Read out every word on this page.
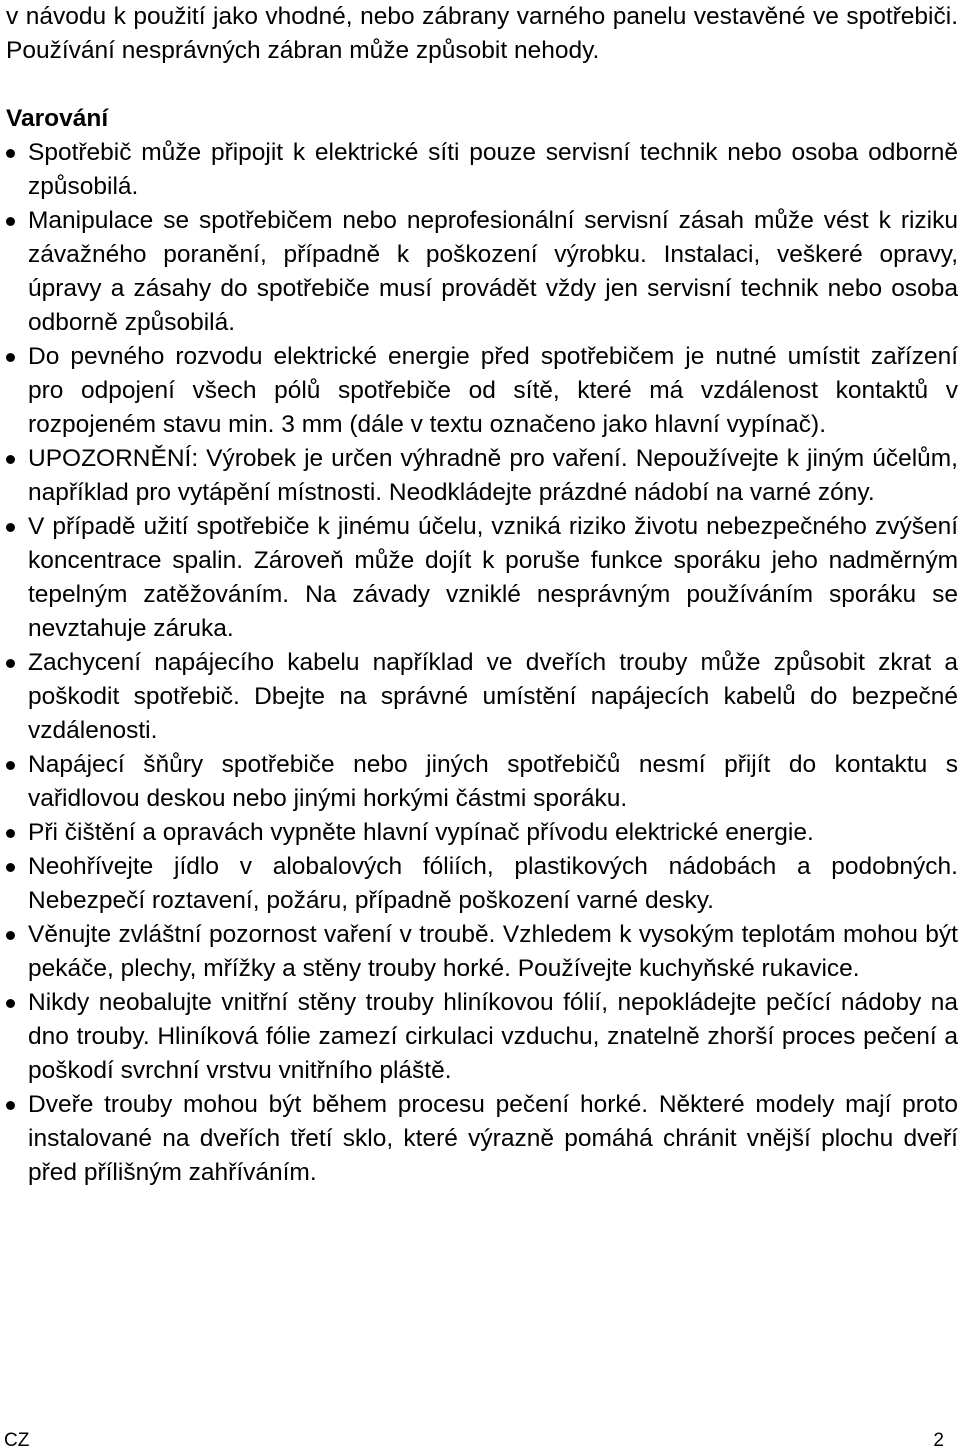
v návodu k použití jako vhodné, nebo zábrany varného panelu vestavěné ve spotřebiči. Používání nesprávných zábran může způsobit nehody.

Varování
Spotřebič může připojit k elektrické síti pouze servisní technik nebo osoba odborně způsobilá.
Manipulace se spotřebičem nebo neprofesionální servisní zásah může vést k riziku závažného poranění, případně k poškození výrobku. Instalaci, veškeré opravy, úpravy a zásahy do spotřebiče musí provádět vždy jen servisní technik nebo osoba odborně způsobilá.
Do pevného rozvodu elektrické energie před spotřebičem je nutné umístit zařízení pro odpojení všech pólů spotřebiče od sítě, které má vzdálenost kontaktů v rozpojeném stavu min. 3 mm (dále v textu označeno jako hlavní vypínač).
UPOZORNĚNÍ: Výrobek je určen výhradně pro vaření. Nepoužívejte k jiným účelům, například pro vytápění místnosti. Neodkládejte prázdné nádobí na varné zóny.
V případě užití spotřebiče k jinému účelu, vzniká riziko životu nebezpečného zvýšení koncentrace spalin. Zároveň může dojít k poruše funkce sporáku jeho nadměrným tepelným zatěžováním. Na závady vzniklé nesprávným používáním sporáku se nevztahuje záruka.
Zachycení napájecího kabelu například ve dveřích trouby může způsobit zkrat a poškodit spotřebič. Dbejte na správné umístění napájecích kabelů do bezpečné vzdálenosti.
Napájecí šňůry spotřebiče nebo jiných spotřebičů nesmí přijít do kontaktu s vařidlovou deskou nebo jinými horkými částmi sporáku.
Při čištění a opravách vypněte hlavní vypínač přívodu elektrické energie.
Neohřívejte jídlo v alobalových fóliích, plastikových nádobách a podobných. Nebezpečí roztavení, požáru, případně poškození varné desky.
Věnujte zvláštní pozornost vaření v troubě. Vzhledem k vysokým teplotám mohou být pekáče, plechy, mřížky a stěny trouby horké. Používejte kuchyňské rukavice.
Nikdy neobalujte vnitřní stěny trouby hliníkovou fólií, nepokládejte pečící nádoby na dno trouby. Hliníková fólie zamezí cirkulaci vzduchu, znatelně zhorší proces pečení a poškodí svrchní vrstvu vnitřního pláště.
Dveře trouby mohou být během procesu pečení horké. Některé modely mají proto instalované na dveřích třetí sklo, které výrazně pomáhá chránit vnější plochu dveří před přílišným zahříváním.
CZ	2
